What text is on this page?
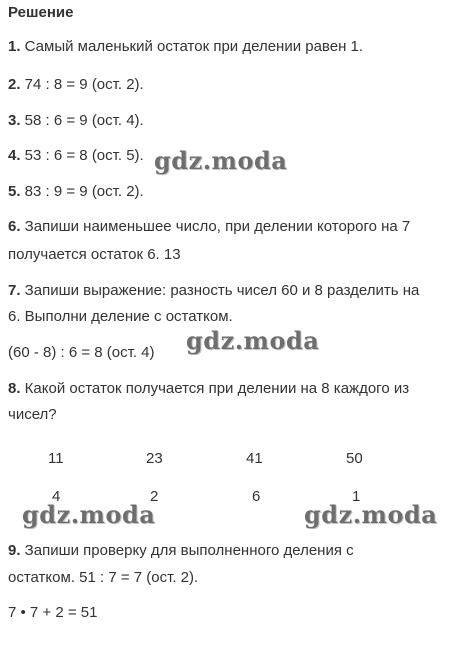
Решение
1. Самый маленький остаток при делении равен 1.
2. 74 : 8 = 9 (ост. 2).
3. 58 : 6 = 9 (ост. 4).
4. 53 : 6 = 8 (ост. 5).
5. 83 : 9 = 9 (ост. 2).
6. Запиши наименьшее число, при делении которого на 7
получается остаток 6. 13
7. Запиши выражение: разность чисел 60 и 8 разделить на
6. Выполни деление с остатком.
(60 - 8) : 6 = 8 (ост. 4)
8. Какой остаток получается при делении на 8 каждого из
чисел?
11	23	41	50
4	2	6	1
9. Запиши проверку для выполненного деления с
остатком. 51 : 7 = 7 (ост. 2).
7 • 7 + 2 = 51
gdz.moda
gdz.moda
gdz.moda	gdz.moda
